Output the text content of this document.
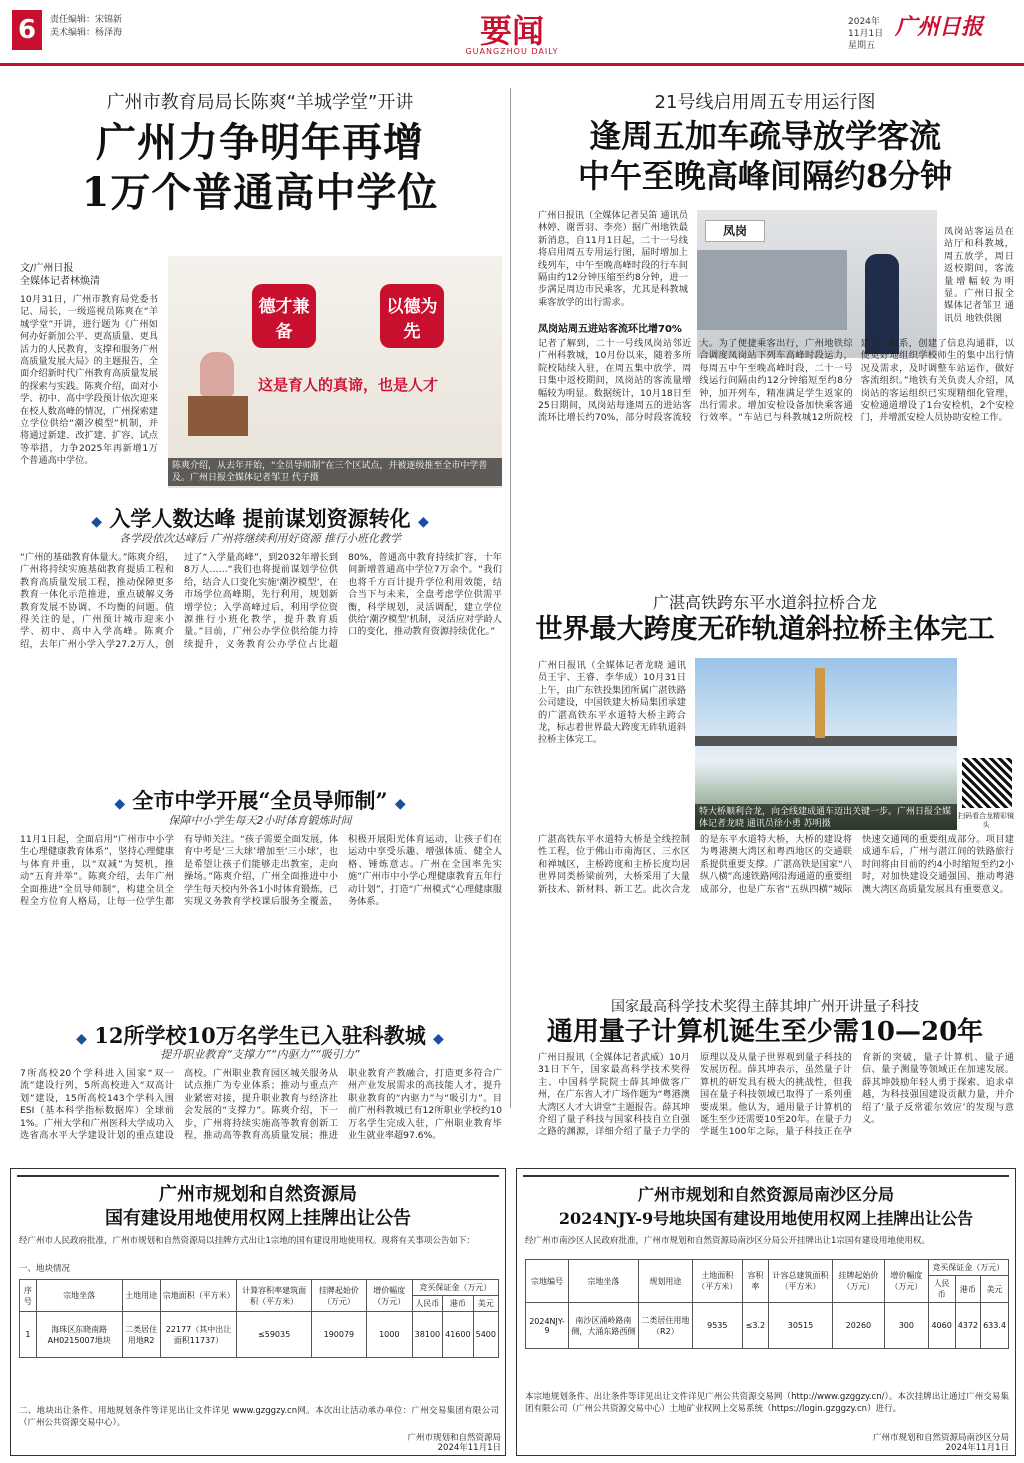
6	责任编辑：宋锦新
美术编辑：杨泽海	要闻
GUANGZHOU DAILY
2024年
11月1日
星期五
广州日报
广州市教育局局长陈爽“羊城学堂”开讲
广州力争明年再增
1万个普通高中学位
文/广州日报
全媒体记者林焕清
10月31日，广州市教育局党委书记、局长，一级巡视员陈爽在“羊城学堂”开讲，进行题为《广州如何办好新加公平、更高质量、更具活力的人民教育，支撑和服务广州高质量发展大局》的主题报告，全面介绍新时代广州教育高质量发展的探索与实践。陈爽介绍，面对小学、初中、高中学段预计依次迎来在校人数高峰的情况，广州探索建立学位供给“潮汐模型”机制，并将通过新建、改扩建、扩容、试点等举措，力争2025年再新增1万个普通高中学位。
德才兼备
以德为先
这是育人的真谛，也是人才
陈爽介绍，从去年开始，“全员导师制”在三个区试点，并被逐级推至全市中学普及。广州日报全媒体记者邹卫 代子摄
◆ 入学人数达峰 提前谋划资源转化 ◆
各学段依次达峰后 广州将继续利用好资源 推行小班化教学
“广州的基础教育体量大。”陈爽介绍，广州将持续实施基础教育提质工程和教育高质量发展工程，推动保障更多教育一体化示范推进，重点破解义务教育发展不协调、不均衡的问题。值得关注的是，广州预计城市迎来小学、初中、高中入学高峰。陈爽介绍，去年广州小学入学27.2万人，创过了“入学量高峰”，到2032年增长到8万人……“我们也将提前谋划学位供给，结合人口变化实施‘潮汐模型’，在市场学位高峰期，先行利用，规划新增学位；入学高峰过后，利用学位资源推行小班化教学，提升教育质量。”目前，广州公办学位供给能力持续提升，义务教育公办学位占比超80%，普通高中教育持续扩容，十年间新增普通高中学位7万余个。“我们也将千方百计提升学位利用效能，结合当下与未来，全盘考虑学位供需平衡，科学规划，灵活调配，建立学位供给‘潮汐模型’机制，灵活应对学龄人口的变化，推动教育资源持续优化。”
◆ 全市中学开展“全员导师制” ◆
保障中小学生每天2小时体育锻炼时间
11月1日起，全面启用“广州市中小学生心理健康教育体系”，坚持心理健康与体育并重，以“双减”为契机，推动“五育并举”。陈爽介绍，去年广州全面推进“全员导师制”，构建全员全程全方位育人格局，让每一位学生都有导师关注。“孩子需要全面发展，体育中考是‘三大球’增加至‘三小球’，也是希望让孩子们能够走出教室，走向操场。”陈爽介绍，广州全面推进中小学生每天校内外各1小时体育锻炼，已实现义务教育学校课后服务全覆盖，积极开展阳光体育运动，让孩子们在运动中享受乐趣、增强体质、健全人格、锤炼意志。广州在全国率先实施“广州市中小学心理健康教育五年行动计划”，打造“广州模式”心理健康服务体系。
◆ 12所学校10万名学生已入驻科教城 ◆
提升职业教育“支撑力”“内驱力”“吸引力”
7所高校20个学科进入国家“双一流”建设行列，5所高校进入“双高计划”建设，15所高校143个学科入围ESI（基本科学指标数据库）全球前1%。广州大学和广州医科大学成功入选省高水平大学建设计划的重点建设高校。广州职业教育园区城关服务从试点推广为专业体系；推动与重点产业紧密对接，提升职业教育与经济社会发展的“支撑力”。陈爽介绍，下一步，广州将持续实施高等教育创新工程，推动高等教育高质量发展；推进职业教育产教融合，打造更多符合广州产业发展需求的高技能人才，提升职业教育的“内驱力”与“吸引力”。目前广州科教城已有12所职业学校约10万名学生完成入驻，广州职业教育毕业生就业率超97.6%。
21号线启用周五专用运行图
逢周五加车疏导放学客流
中午至晚高峰间隔约8分钟
广州日报讯（全媒体记者吴笛 通讯员林婷、谢晋羽、李亮）据广州地铁最新消息，自11月1日起，二十一号线将启用周五专用运行图，届时增加上线列车，中午至晚高峰时段的行车间隔由约12分钟压缩至约8分钟，进一步满足周边市民乘客，尤其是科教城乘客放学的出行需求。
凤岗	凤岗站客运员在站厅和科教城，周五放学，周日返校期间，客流量增幅较为明显。广州日报全媒体记者邹卫 通讯员 地铁供图
凤岗站周五进站客流环比增70%
记者了解到，二十一号线凤岗站邻近广州科教城，10月份以来，随着多所院校陆续入驻，在周五集中放学、周日集中返校期间，凤岗站的客流量增幅较为明显。数据统计，10月18日至25日期间，凤岗站每逢周五的进站客流环比增长约70%，部分时段客流较大。为了便捷乘客出行，广州地铁综合调度凤岗站下列车高峰时段运力，每周五中午至晚高峰时段，二十一号线运行间隔由约12分钟缩短至约8分钟，加开列车，精准满足学生返家的出行需求。增加安检设备加快乘客通行效率。“车站已与科教城12所院校建立了联系，创建了信息沟通群，以便更好地组织学校师生的集中出行情况及需求，及时调整车站运作，做好客流组织。”地铁有关负责人介绍，凤岗站的客运组织已实现精细化管理，安检通道增设了1台安检机，2个安检门，并增派安检人员协助安检工作。
广湛高铁跨东平水道斜拉桥合龙
世界最大跨度无砟轨道斜拉桥主体完工
广州日报讯（全媒体记者龙晓 通讯员王宇、王睿、李华成）10月31日上午，由广东铁投集团所属广湛铁路公司建设，中国铁建大桥局集团承建的广湛高铁东平水道特大桥主跨合龙，标志着世界最大跨度无砟轨道斜拉桥主体完工。
特大桥顺利合龙，向全线建成通车迈出关键一步。广州日报全媒体记者龙晓 通讯员徐小勇 苏明摄
扫码看合龙精彩镜头
广湛高铁东平水道特大桥是全线控制性工程，位于佛山市南海区、三水区和禅城区，主桥跨度和主桥长度均居世界同类桥梁前列，大桥采用了大量新技术、新材料、新工艺。此次合龙的是东平水道特大桥，大桥的建设将为粤港澳大湾区和粤西地区的交通联系提供重要支撑。广湛高铁是国家“八纵八横”高速铁路网沿海通道的重要组成部分，也是广东省“五纵四横”城际快速交通网的重要组成部分。项目建成通车后，广州与湛江间的铁路旅行时间将由目前的约4小时缩短至约2小时，对加快建设交通强国、推动粤港澳大湾区高质量发展具有重要意义。
国家最高科学技术奖得主薛其坤广州开讲量子科技
通用量子计算机诞生至少需10—20年
广州日报讯（全媒体记者武威）10月31日下午，国家最高科学技术奖得主、中国科学院院士薛其坤做客广州，在广东省人才广场作题为“粤港澳大湾区人才大讲堂”主题报告。薛其坤介绍了量子科技与国家科技自立自强之路的渊源，详细介绍了量子力学的原理以及从量子世界观到量子科技的发展历程。薛其坤表示，虽然量子计算机的研发具有极大的挑战性，但我国在量子科技领域已取得了一系列重要成果。他认为，通用量子计算机的诞生至少还需要10至20年。在量子力学诞生100年之际，量子科技正在孕育新的突破，量子计算机、量子通信、量子测量等领域正在加速发展。薛其坤鼓励年轻人勇于探索、追求卓越，为科技强国建设贡献力量，并介绍了‘量子反常霍尔效应’的发现与意义。
广州市规划和自然资源局
国有建设用地使用权网上挂牌出让公告
经广州市人民政府批准，广州市规划和自然资源局以挂牌方式出让1宗地的国有建设用地使用权。现将有关事项公告如下：
一、地块情况
序号	宗地坐落	土地用途	宗地面积（平方米）	计算容积率建筑面积（平方米）	挂牌起始价（万元）	增价幅度（万元）	竞买保证金（万元）		
							人民币	港币	美元
1	海珠区东晓南路AH0215007地块	二类居住用地R2	22177（其中出让面积11737）	≤59035	190079	1000	38100	41600	5400
二、地块出让条件、用地规划条件等详见出让文件详见 www.gzggzy.cn网。本次出让活动承办单位：广州交易集团有限公司（广州公共资源交易中心）。
广州市规划和自然资源局
2024年11月1日
广州市规划和自然资源局南沙区分局
2024NJY-9号地块国有建设用地使用权网上挂牌出让公告
经广州市南沙区人民政府批准，广州市规划和自然资源局南沙区分局公开挂牌出让1宗国有建设用地使用权。
宗地编号	宗地坐落	规划用途	土地面积（平方米）	容积率	计容总建筑面积（平方米）	挂牌起始价（万元）	增价幅度（万元）	竞买保证金（万元）		
								人民币	港币	美元
2024NJY-9	南沙区涌岭路南侧，大涌东路西侧	二类居住用地（R2）	9535	≤3.2	30515	20260	300	4060	4372	633.4
本宗地规划条件、出让条件等详见出让文件详见广州公共资源交易网（http://www.gzggzy.cn/）。本次挂牌出让通过广州交易集团有限公司（广州公共资源交易中心）土地矿业权网上交易系统（https://login.gzggzy.cn）进行。
广州市规划和自然资源局南沙区分局
2024年11月1日
